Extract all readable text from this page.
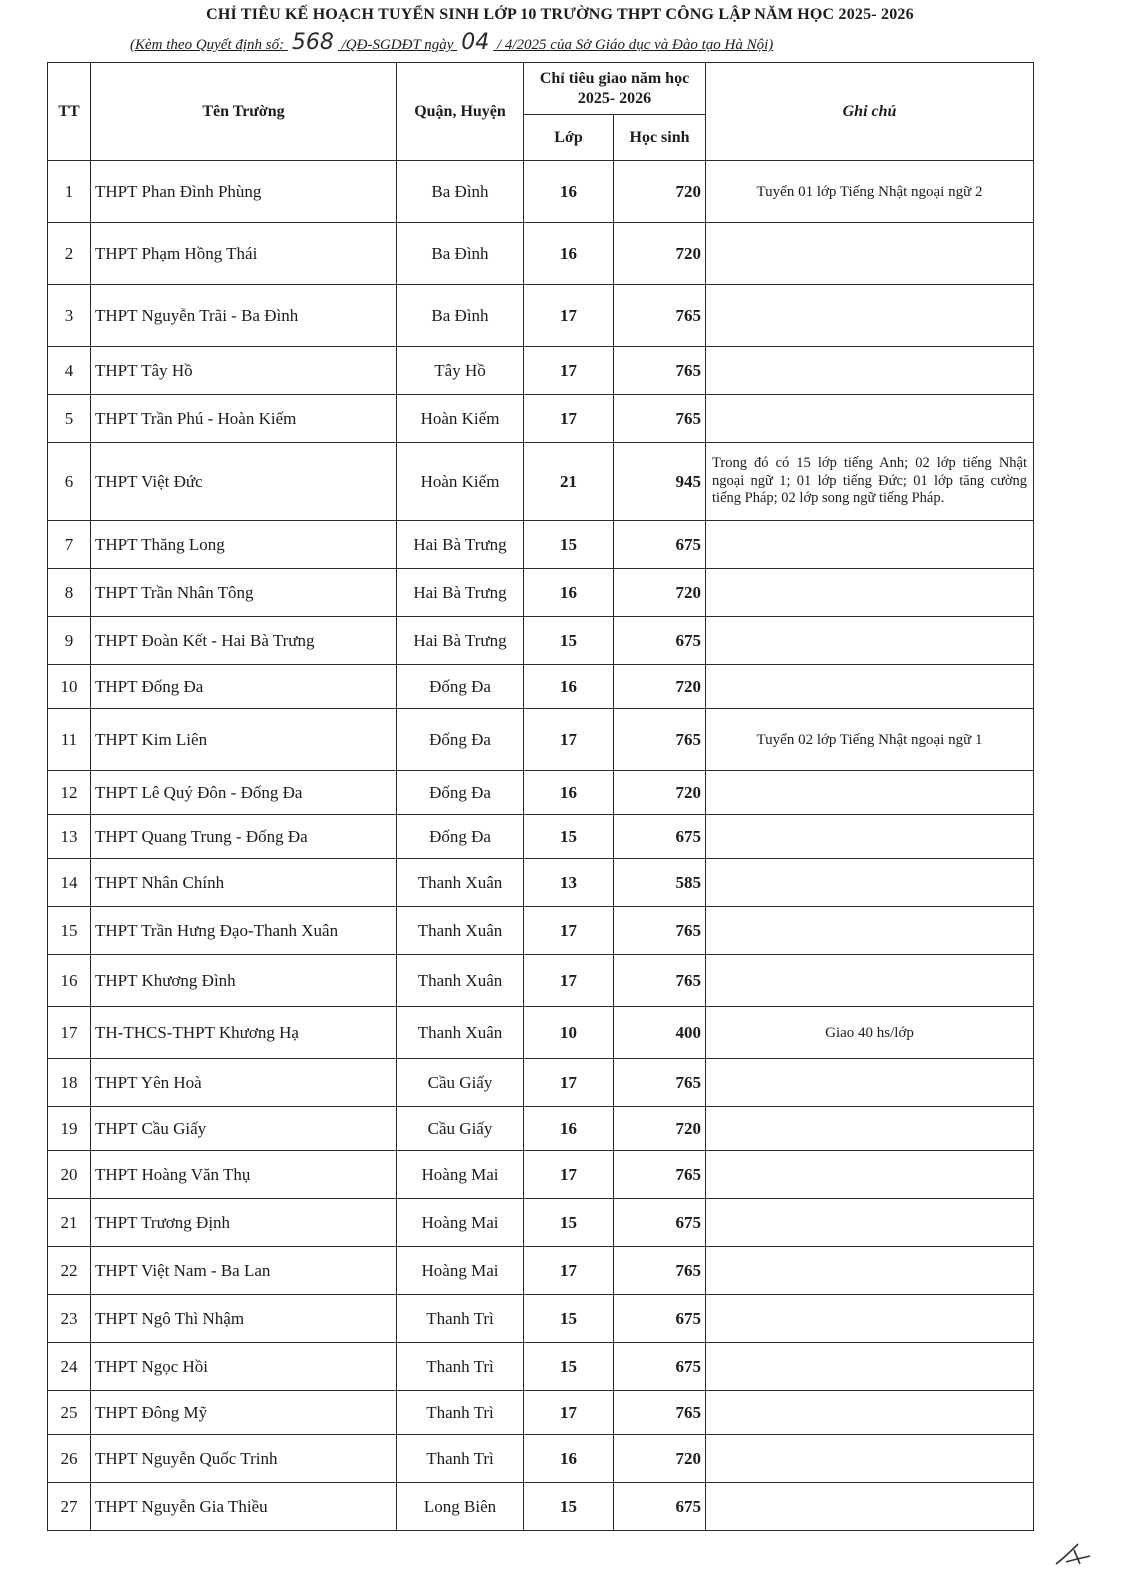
CHỈ TIÊU KẾ HOẠCH TUYỂN SINH LỚP 10 TRƯỜNG THPT CÔNG LẬP NĂM HỌC 2025- 2026
(Kèm theo Quyết định số: 568 /QĐ-SGDĐT ngày 04 / 4/2025 của Sở Giáo dục và Đào tạo Hà Nội)
TT	Tên Trường	Quận, Huyện	Chỉ tiêu giao năm học 2025- 2026		Ghi chú
			Lớp	Học sinh	
1	THPT Phan Đình Phùng	Ba Đình	16	720	Tuyển 01 lớp Tiếng Nhật ngoại ngữ 2
2	THPT Phạm Hồng Thái	Ba Đình	16	720	
3	THPT Nguyễn Trãi - Ba Đình	Ba Đình	17	765	
4	THPT Tây Hồ	Tây Hồ	17	765	
5	THPT Trần Phú - Hoàn Kiếm	Hoàn Kiếm	17	765	
6	THPT Việt Đức	Hoàn Kiếm	21	945	Trong đó có 15 lớp tiếng Anh; 02 lớp tiếng Nhật ngoại ngữ 1; 01 lớp tiếng Đức; 01 lớp tăng cường tiếng Pháp; 02 lớp song ngữ tiếng Pháp.
7	THPT Thăng Long	Hai Bà Trưng	15	675	
8	THPT Trần Nhân Tông	Hai Bà Trưng	16	720	
9	THPT Đoàn Kết - Hai Bà Trưng	Hai Bà Trưng	15	675	
10	THPT Đống Đa	Đống Đa	16	720	
11	THPT Kim Liên	Đống Đa	17	765	Tuyển 02 lớp Tiếng Nhật ngoại ngữ 1
12	THPT Lê Quý Đôn - Đống Đa	Đống Đa	16	720	
13	THPT Quang Trung - Đống Đa	Đống Đa	15	675	
14	THPT Nhân Chính	Thanh Xuân	13	585	
15	THPT Trần Hưng Đạo-Thanh Xuân	Thanh Xuân	17	765	
16	THPT Khương Đình	Thanh Xuân	17	765	
17	TH-THCS-THPT Khương Hạ	Thanh Xuân	10	400	Giao 40 hs/lớp
18	THPT Yên Hoà	Cầu Giấy	17	765	
19	THPT Cầu Giấy	Cầu Giấy	16	720	
20	THPT Hoàng Văn Thụ	Hoàng Mai	17	765	
21	THPT Trương Định	Hoàng Mai	15	675	
22	THPT Việt Nam - Ba Lan	Hoàng Mai	17	765	
23	THPT Ngô Thì Nhậm	Thanh Trì	15	675	
24	THPT Ngọc Hồi	Thanh Trì	15	675	
25	THPT Đông Mỹ	Thanh Trì	17	765	
26	THPT Nguyễn Quốc Trinh	Thanh Trì	16	720	
27	THPT Nguyễn Gia Thiều	Long Biên	15	675	
